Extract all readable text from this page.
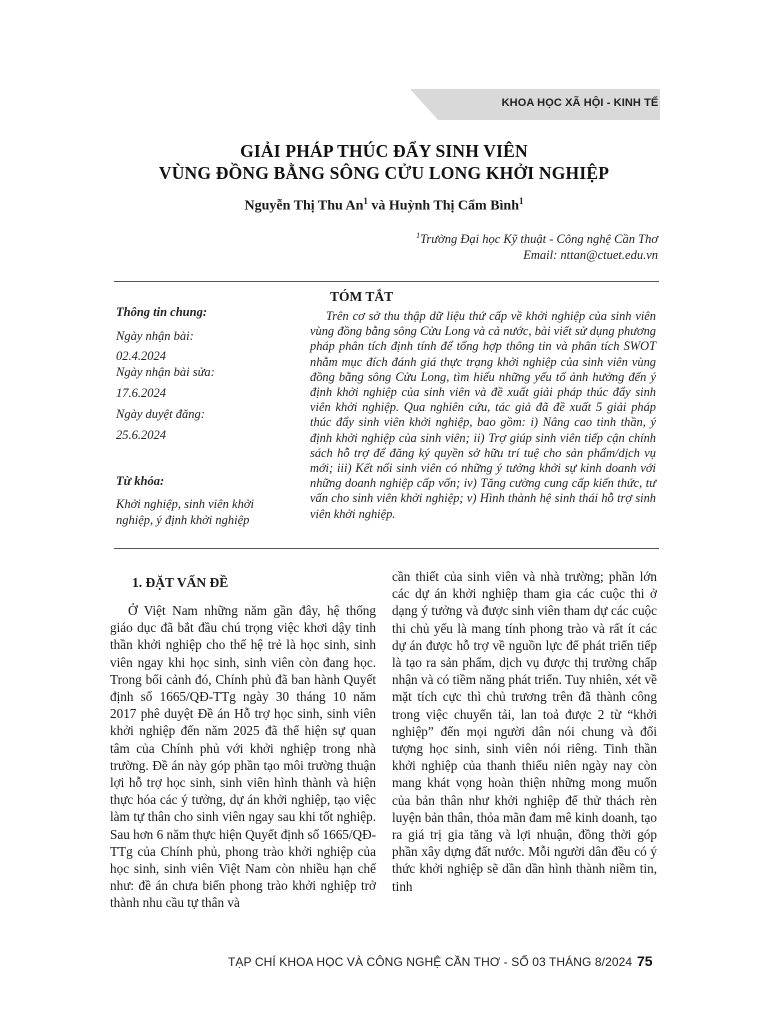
KHOA HỌC XÃ HỘI - KINH TẾ
GIẢI PHÁP THÚC ĐẨY SINH VIÊN
VÙNG ĐỒNG BẰNG SÔNG CỬU LONG KHỞI NGHIỆP
Nguyễn Thị Thu An$^1$ và Huỳnh Thị Cẩm Bình$^1$
$^1$Trường Đại học Kỹ thuật - Công nghệ Cần Thơ
Email: nttan@ctuet.edu.vn
Thông tin chung:
Ngày nhận bài:
02.4.2024
Ngày nhận bài sửa:
17.6.2024
Ngày duyệt đăng:
25.6.2024
Từ khóa:
Khởi nghiệp, sinh viên khởi nghiệp, ý định khởi nghiệp
TÓM TẮT
Trên cơ sở thu thập dữ liệu thứ cấp về khởi nghiệp của sinh viên vùng đồng bằng sông Cửu Long và cả nước, bài viết sử dụng phương pháp phân tích định tính để tổng hợp thông tin và phân tích SWOT nhằm mục đích đánh giá thực trạng khởi nghiệp của sinh viên vùng đồng bằng sông Cửu Long, tìm hiểu những yếu tố ảnh hưởng đến ý định khởi nghiệp của sinh viên và đề xuất giải pháp thúc đẩy sinh viên khởi nghiệp. Qua nghiên cứu, tác giả đã đề xuất 5 giải pháp thúc đẩy sinh viên khởi nghiệp, bao gồm: i) Nâng cao tinh thần, ý định khởi nghiệp của sinh viên; ii) Trợ giúp sinh viên tiếp cận chính sách hỗ trợ để đăng ký quyền sở hữu trí tuệ cho sản phẩm/dịch vụ mới; iii) Kết nối sinh viên có những ý tưởng khởi sự kinh doanh với những doanh nghiệp cấp vốn; iv) Tăng cường cung cấp kiến thức, tư vấn cho sinh viên khởi nghiệp; v) Hình thành hệ sinh thái hỗ trợ sinh viên khởi nghiệp.
1. ĐẶT VẤN ĐỀ
Ở Việt Nam những năm gần đây, hệ thống giáo dục đã bắt đầu chú trọng việc khơi dậy tinh thần khởi nghiệp cho thế hệ trẻ là học sinh, sinh viên ngay khi học sinh, sinh viên còn đang học. Trong bối cảnh đó, Chính phủ đã ban hành Quyết định số 1665/QĐ-TTg ngày 30 tháng 10 năm 2017 phê duyệt Đề án Hỗ trợ học sinh, sinh viên khởi nghiệp đến năm 2025 đã thể hiện sự quan tâm của Chính phủ với khởi nghiệp trong nhà trường. Đề án này góp phần tạo môi trường thuận lợi hỗ trợ học sinh, sinh viên hình thành và hiện thực hóa các ý tưởng, dự án khởi nghiệp, tạo việc làm tự thân cho sinh viên ngay sau khi tốt nghiệp. Sau hơn 6 năm thực hiện Quyết định số 1665/QĐ-TTg của Chính phủ, phong trào khởi nghiệp của học sinh, sinh viên Việt Nam còn nhiều hạn chế như: đề án chưa biến phong trào khởi nghiệp trở thành nhu cầu tự thân và
cần thiết của sinh viên và nhà trường; phần lớn các dự án khởi nghiệp tham gia các cuộc thi ở dạng ý tưởng và được sinh viên tham dự các cuộc thi chủ yếu là mang tính phong trào và rất ít các dự án được hỗ trợ về nguồn lực để phát triển tiếp là tạo ra sản phẩm, dịch vụ được thị trường chấp nhận và có tiềm năng phát triển. Tuy nhiên, xét về mặt tích cực thì chủ trương trên đã thành công trong việc chuyển tải, lan toả được 2 từ “khởi nghiệp” đến mọi người dân nói chung và đối tượng học sinh, sinh viên nói riêng. Tinh thần khởi nghiệp của thanh thiếu niên ngày nay còn mang khát vọng hoàn thiện những mong muốn của bản thân như khởi nghiệp để thử thách rèn luyện bản thân, thỏa mãn đam mê kinh doanh, tạo ra giá trị gia tăng và lợi nhuận, đồng thời góp phần xây dựng đất nước. Mỗi người dân đều có ý thức khởi nghiệp sẽ dần dần hình thành niềm tin, tinh
TẠP CHÍ KHOA HỌC VÀ CÔNG NGHỆ CẦN THƠ - SỐ 03 THÁNG 8/2024 75
